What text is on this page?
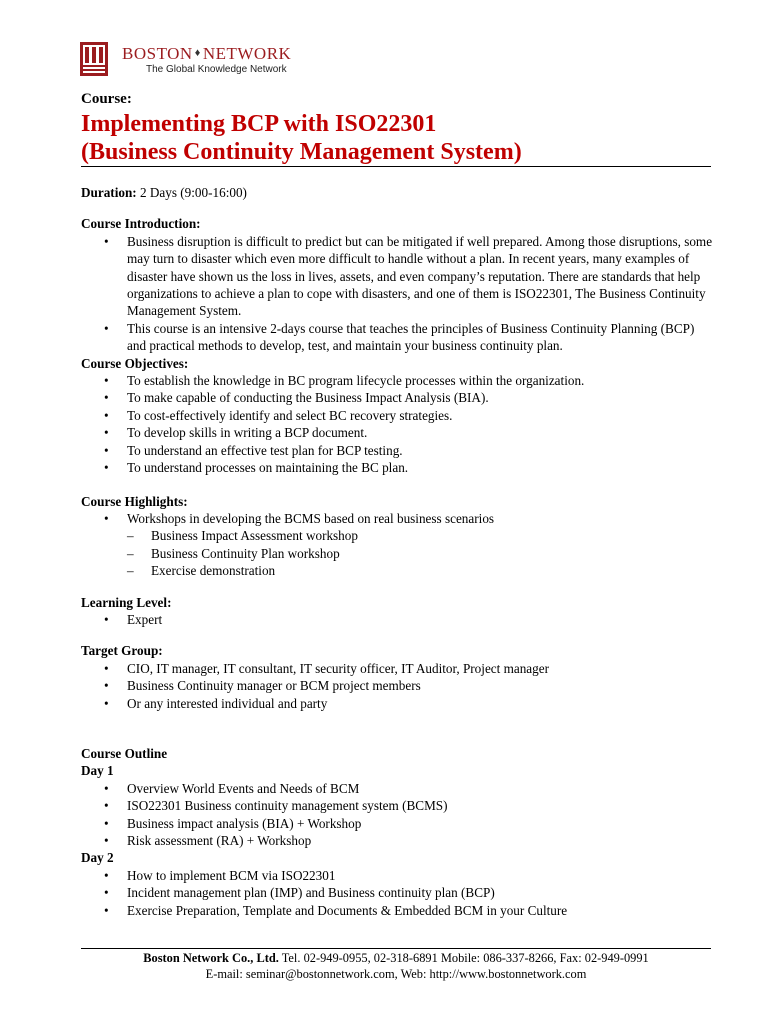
BOSTON ♦ NETWORK
The Global Knowledge Network
Course:
Implementing BCP with ISO22301
(Business Continuity Management System)

Duration: 2 Days (9:00-16:00)

Course Introduction:

• Business disruption is difficult to predict but can be mitigated if well prepared. Among those disruptions, some may turn to disaster which even more difficult to handle without a plan. In recent years, many examples of disaster have shown us the loss in lives, assets, and even company’s reputation. There are standards that help organizations to achieve a plan to cope with disasters, and one of them is ISO22301, The Business Continuity Management System.
• This course is an intensive 2-days course that teaches the principles of Business Continuity Planning (BCP) and practical methods to develop, test, and maintain your business continuity plan.

Course Objectives:

• To establish the knowledge in BC program lifecycle processes within the organization.
• To make capable of conducting the Business Impact Analysis (BIA).
• To cost-effectively identify and select BC recovery strategies.
• To develop skills in writing a BCP document.
• To understand an effective test plan for BCP testing.
• To understand processes on maintaining the BC plan.

Course Highlights:

• Workshops in developing the BCMS based on real business scenarios
– Business Impact Assessment workshop
– Business Continuity Plan workshop
– Exercise demonstration

Learning Level:

• Expert

Target Group:

• CIO, IT manager, IT consultant, IT security officer, IT Auditor, Project manager
• Business Continuity manager or BCM project members
• Or any interested individual and party

Course Outline

Day 1

• Overview World Events and Needs of BCM
• ISO22301 Business continuity management system (BCMS)
• Business impact analysis (BIA) + Workshop
• Risk assessment (RA) + Workshop

Day 2

• How to implement BCM via ISO22301
• Incident management plan (IMP) and Business continuity plan (BCP)
• Exercise Preparation, Template and Documents & Embedded BCM in your Culture
Boston Network Co., Ltd. Tel. 02-949-0955, 02-318-6891 Mobile: 086-337-8266, Fax: 02-949-0991
E-mail: seminar@bostonnetwork.com, Web: http://www.bostonnetwork.com
